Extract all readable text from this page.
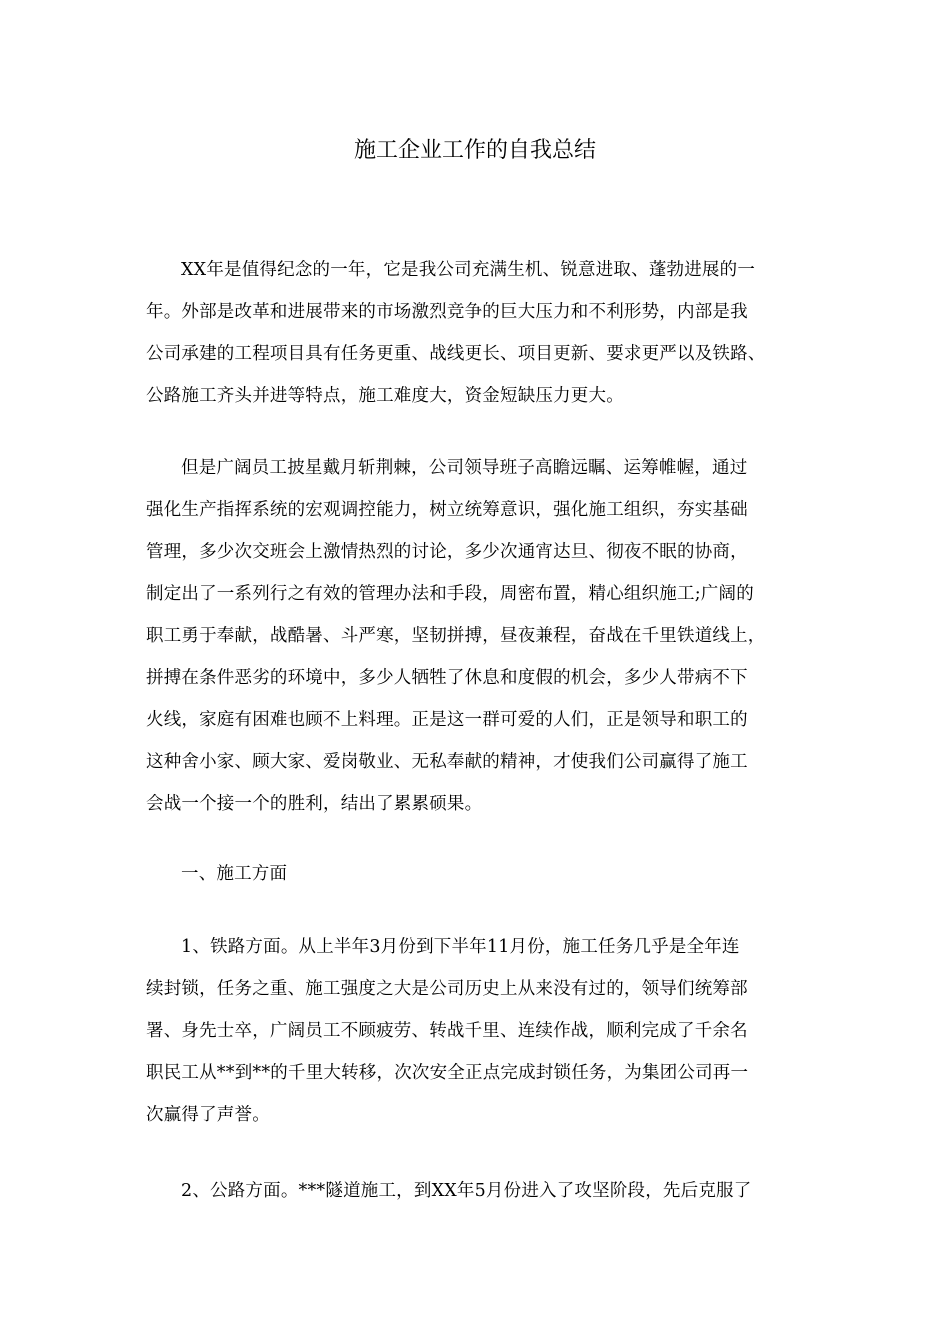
施工企业工作的自我总结
XX年是值得纪念的一年，它是我公司充满生机、锐意进取、蓬勃进展的一
年。外部是改革和进展带来的市场激烈竞争的巨大压力和不利形势，内部是我
公司承建的工程项目具有任务更重、战线更长、项目更新、要求更严以及铁路、
公路施工齐头并进等特点，施工难度大，资金短缺压力更大。
但是广阔员工披星戴月斩荆棘，公司领导班子高瞻远瞩、运筹帷幄，通过
强化生产指挥系统的宏观调控能力，树立统筹意识，强化施工组织，夯实基础
管理，多少次交班会上激情热烈的讨论，多少次通宵达旦、彻夜不眠的协商，
制定出了一系列行之有效的管理办法和手段，周密布置，精心组织施工;广阔的
职工勇于奉献，战酷暑、斗严寒，坚韧拼搏，昼夜兼程，奋战在千里铁道线上，
拼搏在条件恶劣的环境中，多少人牺牲了休息和度假的机会，多少人带病不下
火线，家庭有困难也顾不上料理。正是这一群可爱的人们，正是领导和职工的
这种舍小家、顾大家、爱岗敬业、无私奉献的精神，才使我们公司赢得了施工
会战一个接一个的胜利，结出了累累硕果。
一、施工方面
1、铁路方面。从上半年3月份到下半年11月份，施工任务几乎是全年连
续封锁，任务之重、施工强度之大是公司历史上从来没有过的，领导们统筹部
署、身先士卒，广阔员工不顾疲劳、转战千里、连续作战，顺利完成了千余名
职民工从**到**的千里大转移，次次安全正点完成封锁任务，为集团公司再一
次赢得了声誉。
2、公路方面。***隧道施工，到XX年5月份进入了攻坚阶段，先后克服了
